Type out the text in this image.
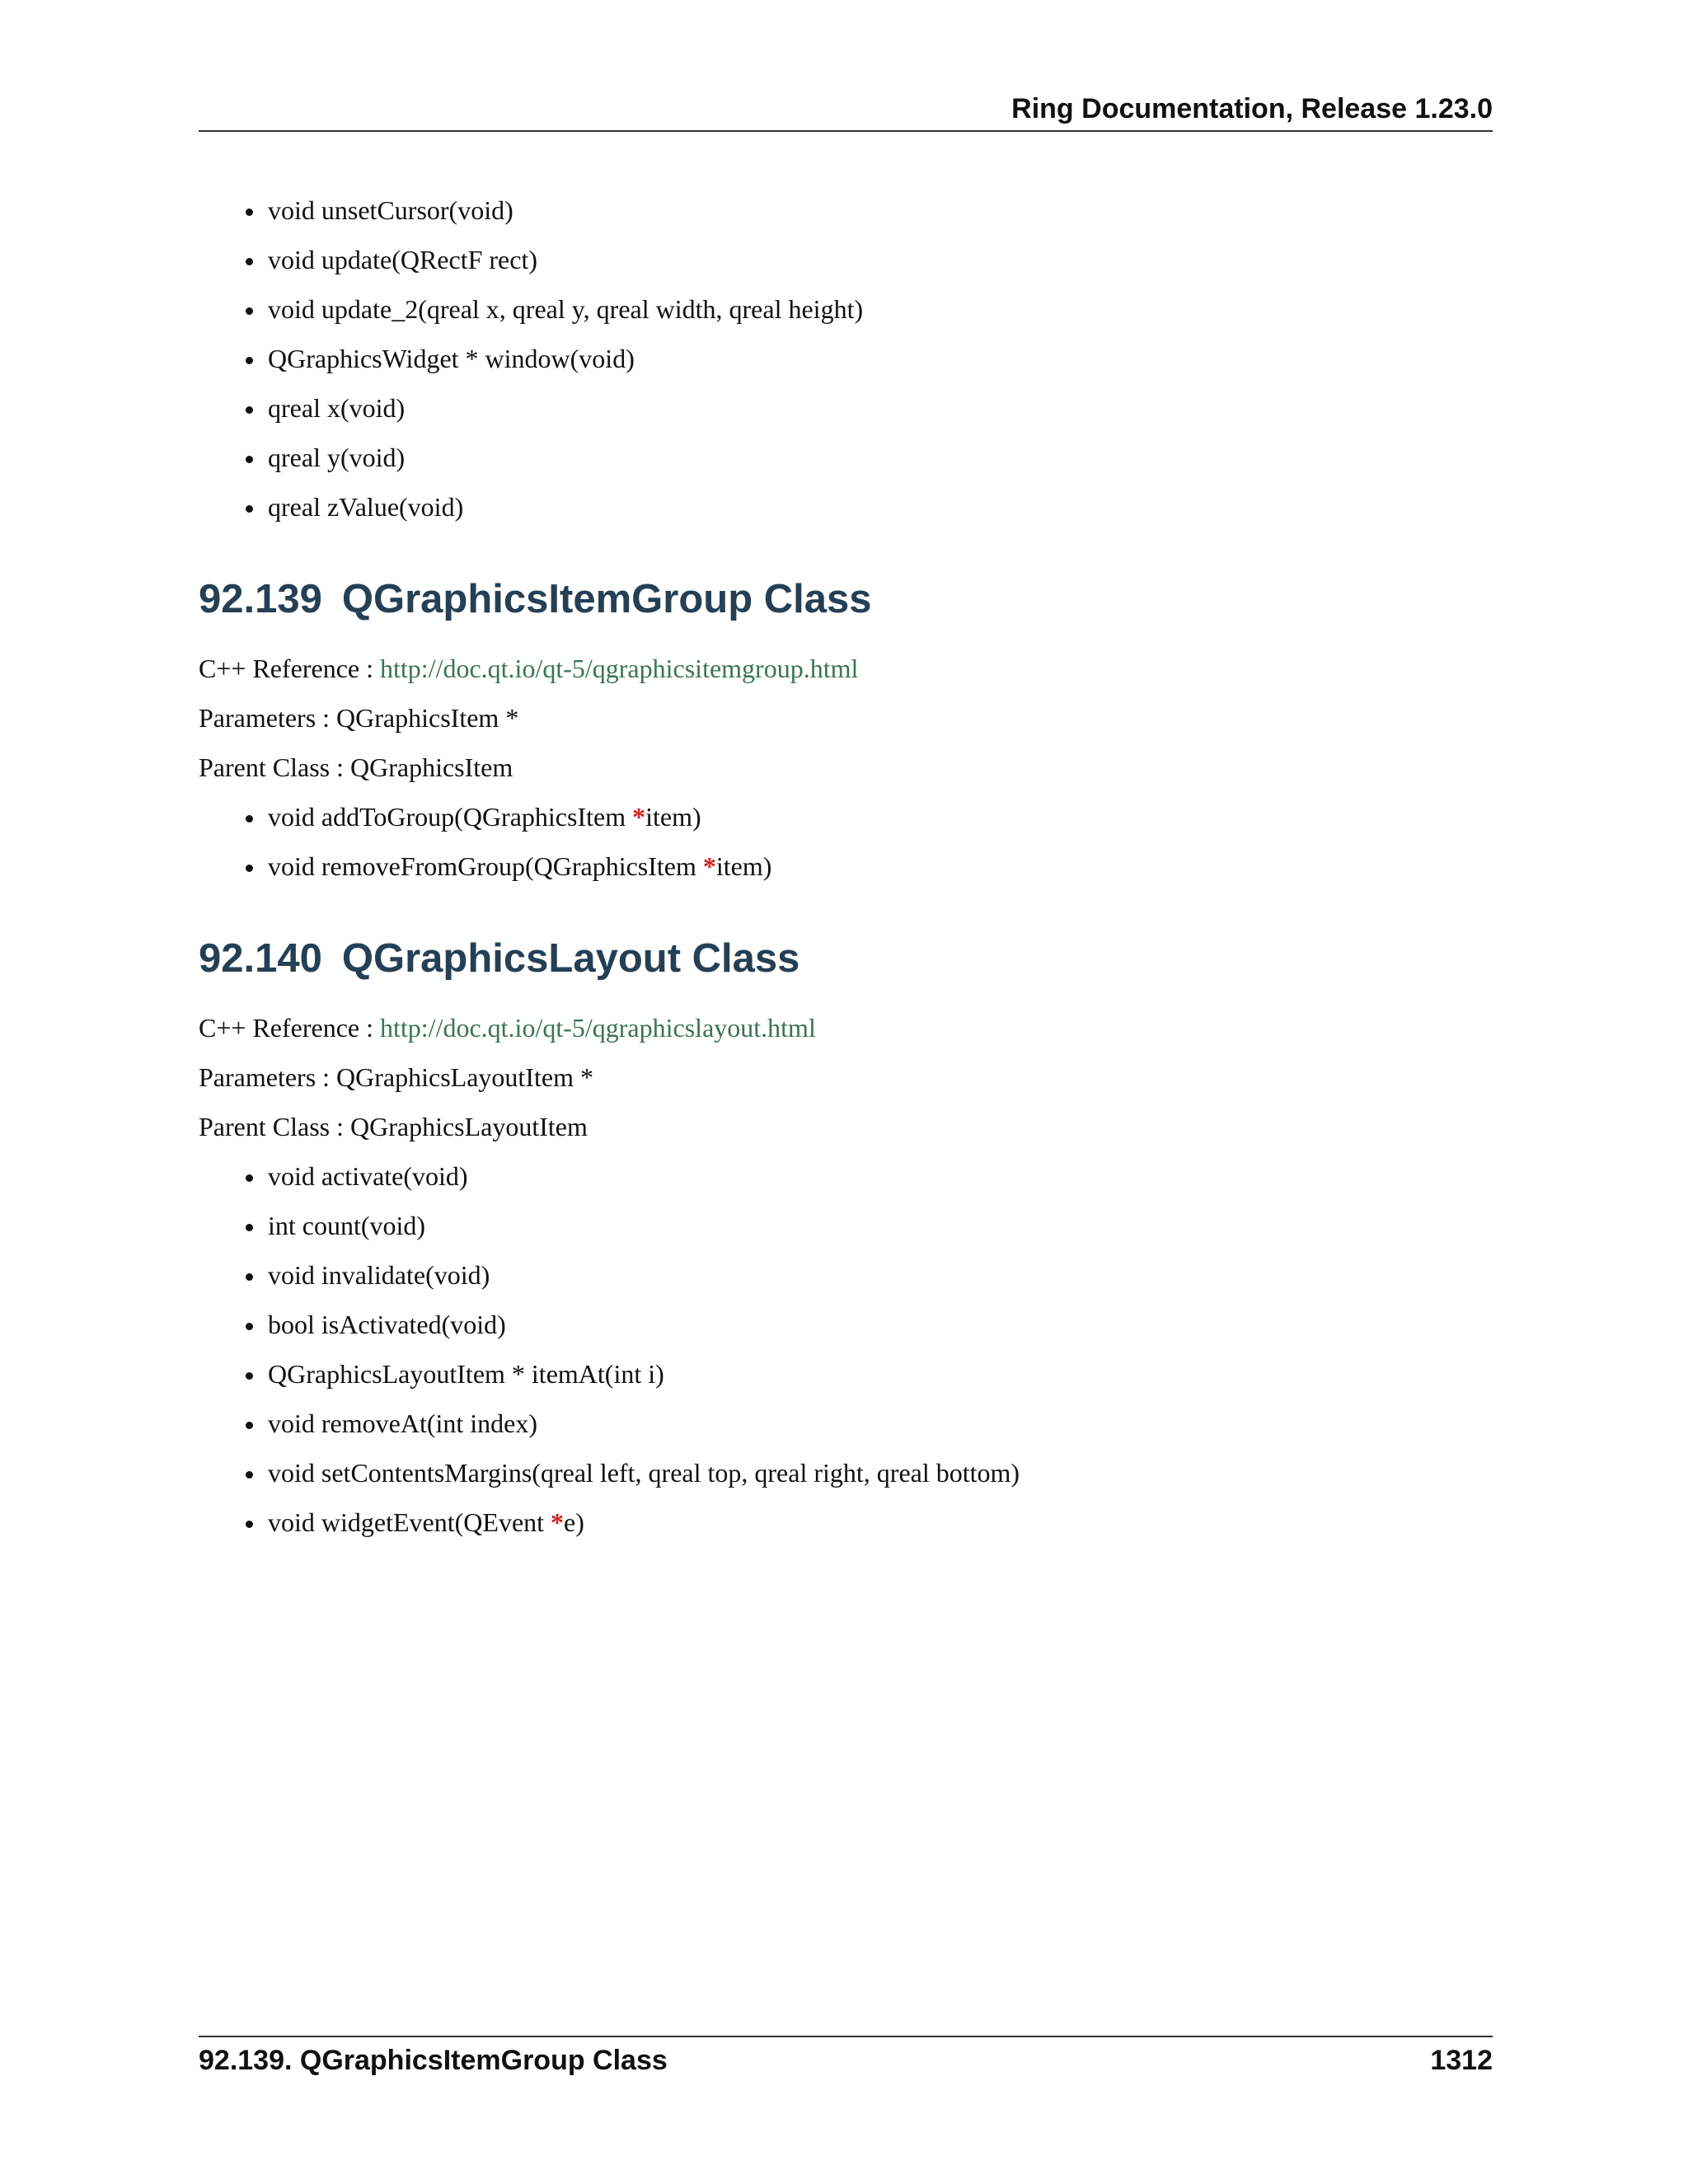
Ring Documentation, Release 1.23.0
void unsetCursor(void)
void update(QRectF rect)
void update_2(qreal x, qreal y, qreal width, qreal height)
QGraphicsWidget * window(void)
qreal x(void)
qreal y(void)
qreal zValue(void)
92.139 QGraphicsItemGroup Class

C++ Reference : http://doc.qt.io/qt-5/qgraphicsitemgroup.html

Parameters : QGraphicsItem *

Parent Class : QGraphicsItem

void addToGroup(QGraphicsItem *item)
void removeFromGroup(QGraphicsItem *item)
92.140 QGraphicsLayout Class

C++ Reference : http://doc.qt.io/qt-5/qgraphicslayout.html

Parameters : QGraphicsLayoutItem *

Parent Class : QGraphicsLayoutItem

void activate(void)
int count(void)
void invalidate(void)
bool isActivated(void)
QGraphicsLayoutItem * itemAt(int i)
void removeAt(int index)
void setContentsMargins(qreal left, qreal top, qreal right, qreal bottom)
void widgetEvent(QEvent *e)
92.139. QGraphicsItemGroup Class	1312
